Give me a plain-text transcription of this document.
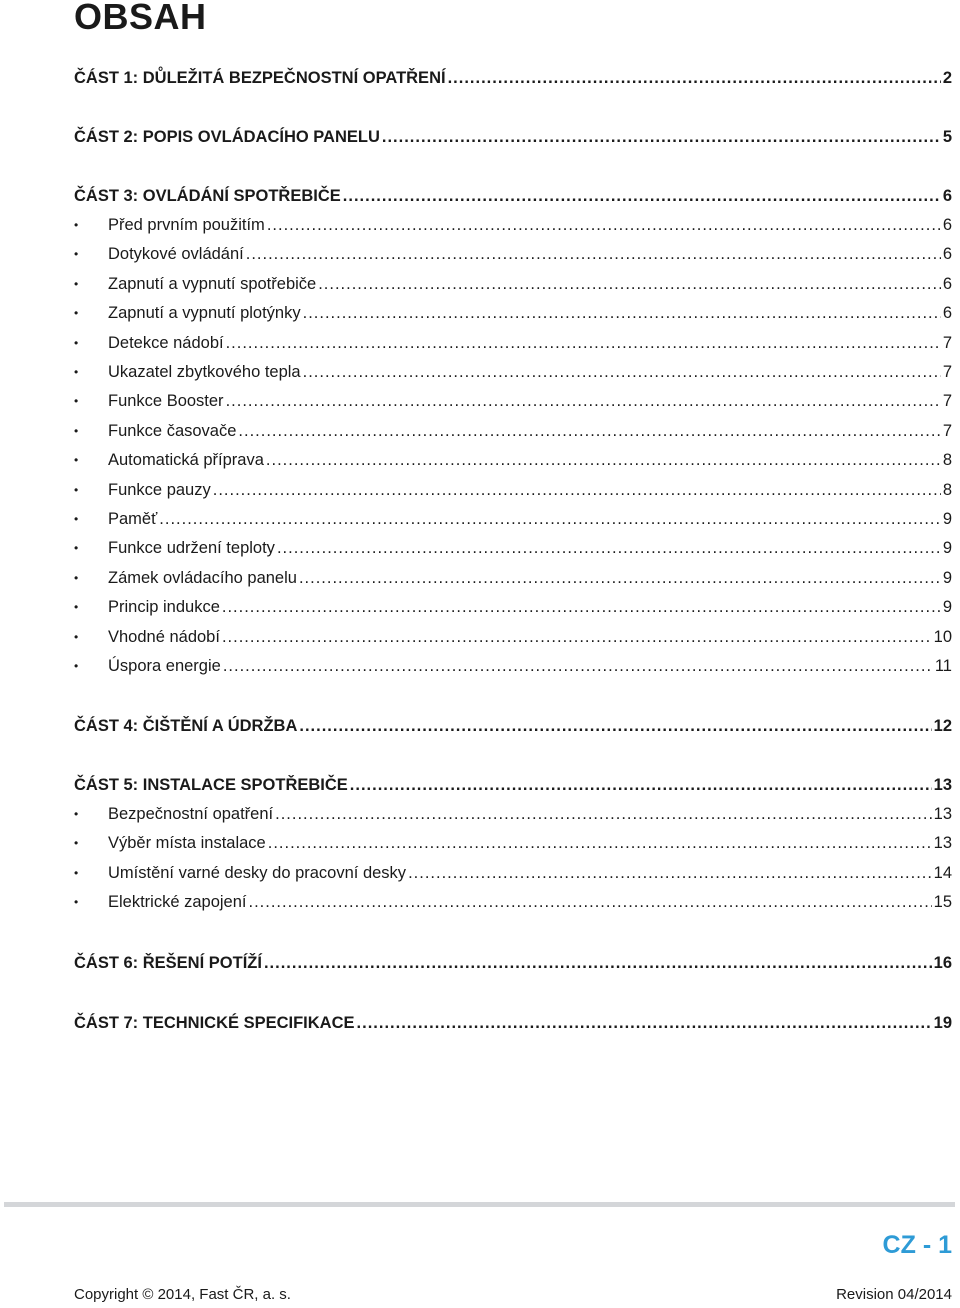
OBSAH
ČÁST 1: DŮLEŽITÁ BEZPEČNOSTNÍ OPATŘENÍ .....	2
ČÁST 2: POPIS OVLÁDACÍHO PANELU .....	5
ČÁST 3: OVLÁDÁNÍ SPOTŘEBIČE .....	6
•	Před prvním použitím .....	6
•	Dotykové ovládání .....	6
•	Zapnutí a vypnutí spotřebiče .....	6
•	Zapnutí a vypnutí plotýnky .....	6
•	Detekce nádobí .....	7
•	Ukazatel zbytkového tepla .....	7
•	Funkce Booster .....	7
•	Funkce časovače .....	7
•	Automatická příprava .....	8
•	Funkce pauzy .....	8
•	Paměť .....	9
•	Funkce udržení teploty .....	9
•	Zámek ovládacího panelu .....	9
•	Princip indukce .....	9
•	Vhodné nádobí .....	10
•	Úspora energie .....	11
ČÁST 4: ČIŠTĚNÍ A ÚDRŽBA .....	12
ČÁST 5: INSTALACE SPOTŘEBIČE .....	13
•	Bezpečnostní opatření .....	13
•	Výběr místa instalace .....	13
•	Umístění varné desky do pracovní desky .....	14
•	Elektrické zapojení .....	15
ČÁST 6: ŘEŠENÍ POTÍŽÍ .....	16
ČÁST 7: TECHNICKÉ SPECIFIKACE .....	19
CZ - 1
Copyright © 2014, Fast ČR, a. s.	Revision 04/2014
